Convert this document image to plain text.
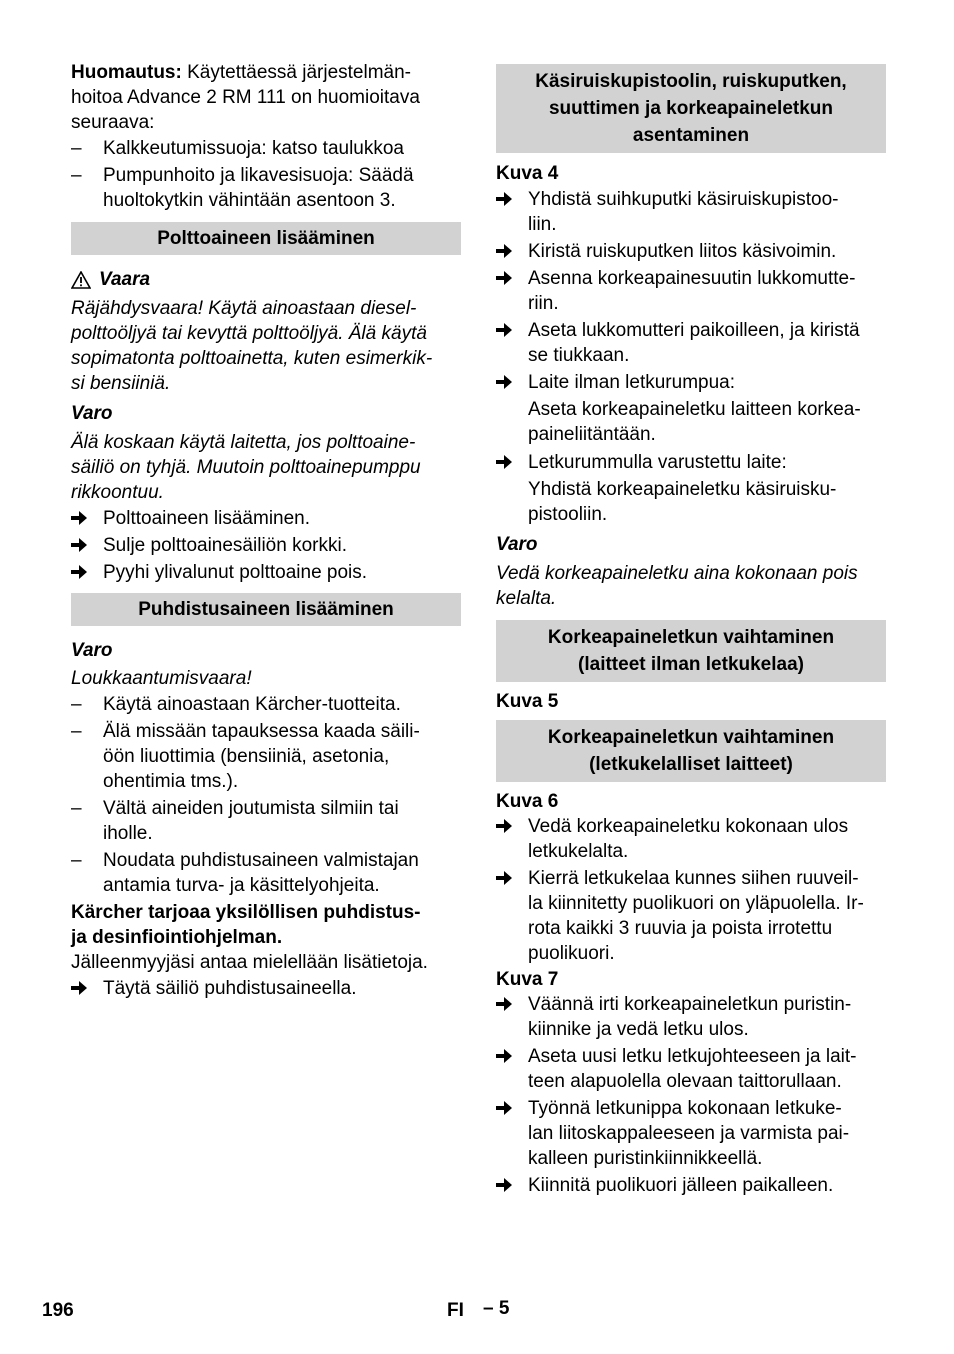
Huomautus: Käytettäessä järjestelmän-
hoitoa Advance 2 RM 111 on huomioitava
seuraava:

–	Kalkkeutumissuoja: katso taulukkoa
–	Pumpunhoito ja likavesisuoja: Säädä
huoltokytkin vähintään asentoon 3.
Polttoaineen lisääminen
Vaara
Räjähdysvaara! Käytä ainoastaan diesel-
polttoöljyä tai kevyttä polttoöljyä. Älä käytä
sopimatonta polttoainetta, kuten esimerkik-
si bensiiniä.

Varo

Älä koskaan käytä laitetta, jos polttoaine-
säiliö on tyhjä. Muutoin polttoainepumppu
rikkoontuu.
Polttoaineen lisääminen.
Sulje polttoainesäiliön korkki.
Pyyhi ylivalunut polttoaine pois.
Puhdistusaineen lisääminen

Varo

Loukkaantumisvaara!

–	Käytä ainoastaan Kärcher-tuotteita.
–	Älä missään tapauksessa kaada säili-
öön liuottimia (bensiiniä, asetonia,
ohentimia tms.).
–	Vältä aineiden joutumista silmiin tai
iholle.
–	Noudata puhdistusaineen valmistajan
antamia turva- ja käsittelyohjeita.

Kärcher tarjoaa yksilöllisen puhdistus-
ja desinfiointiohjelman.

Jälleenmyyjäsi antaa mielellään lisätietoja.

Täytä säiliö puhdistusaineella.
Käsiruiskupistoolin, ruiskuputken,
suuttimen ja korkeapaineletkun
asentaminen

Kuva 4

Yhdistä suihkuputki käsiruiskupistoo-
liin.
Kiristä ruiskuputken liitos käsivoimin.
Asenna korkeapainesuutin lukkomutte-
riin.
Aseta lukkomutteri paikoilleen, ja kiristä
se tiukkaan.
Laite ilman letkurumpua:
Aseta korkeapaineletku laitteen korkea-
paineliitäntään.
Letkurummulla varustettu laite:
Yhdistä korkeapaineletku käsiruisku-
pistooliin.

Varo

Vedä korkeapaineletku aina kokonaan pois
kelalta.
Korkeapaineletkun vaihtaminen
(laitteet ilman letkukelaa)

Kuva 5

Korkeapaineletkun vaihtaminen
(letkukelalliset laitteet)

Kuva 6

Vedä korkeapaineletku kokonaan ulos
letkukelalta.
Kierrä letkukelaa kunnes siihen ruuveil-
la kiinnitetty puolikuori on yläpuolella. Ir-
rota kaikki 3 ruuvia ja poista irrotettu
puolikuori.

Kuva 7

Väännä irti korkeapaineletkun puristin-
kiinnike ja vedä letku ulos.
Aseta uusi letku letkujohteeseen ja lait-
teen alapuolella olevaan taittorullaan.
Työnnä letkunippa kokonaan letkuke-
lan liitoskappaleeseen ja varmista pai-
kalleen puristinkiinnikkeellä.
Kiinnitä puolikuori jälleen paikalleen.
196	FI – 5
